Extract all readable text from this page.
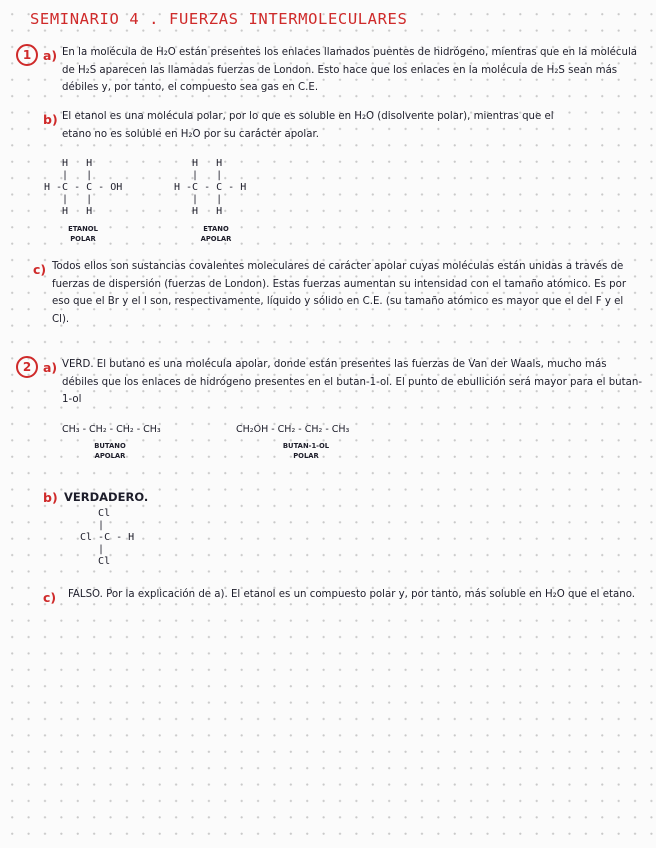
SEMINARIO 4 . FUERZAS INTERMOLECULARES
1 a) En la molécula de H₂O están presentes los enlaces llamados puentes de hidrógeno, mientras que en la molécula de H₂S aparecen las llamadas fuerzas de London. Esto hace que los enlaces en la molécula de H₂S sean más débiles y, por tanto, el compuesto sea gas en C.E.

b) El etanol es una molécula polar, por lo que es soluble en H₂O (disolvente polar), mientras que el etano no es soluble en H₂O por su carácter apolar.

H   H
|   |
H -C - C - OH
|   |
H   H
ETANOL
POLAR
H   H
|   |
H -C - C - H
|   |
H   H
ETANO
APOLAR
c) Todos ellos son sustancias covalentes moleculares de carácter apolar cuyas moléculas están unidas a través de fuerzas de dispersión (fuerzas de London). Estas fuerzas aumentan su intensidad con el tamaño atómico. Es por eso que el Br y el I son, respectivamente, líquido y sólido en C.E. (su tamaño atómico es mayor que el del F y el Cl).

2 a) VERD. El butano es una molécula apolar, donde están presentes las fuerzas de Van der Waals, mucho más débiles que los enlaces de hidrógeno presentes en el butan-1-ol. El punto de ebullición será mayor para el butan-1-ol

CH₃ - CH₂ - CH₂ - CH₃
BUTANO
APOLAR
CH₂OH - CH₂ - CH₂ - CH₃
BUTAN-1-OL
POLAR
b) VERDADERO.
Cl
|
Cl -C - H
|
Cl
c) FALSO. Por la explicación de a). El etanol es un compuesto polar y, por tanto, más soluble en H₂O que el etano.
